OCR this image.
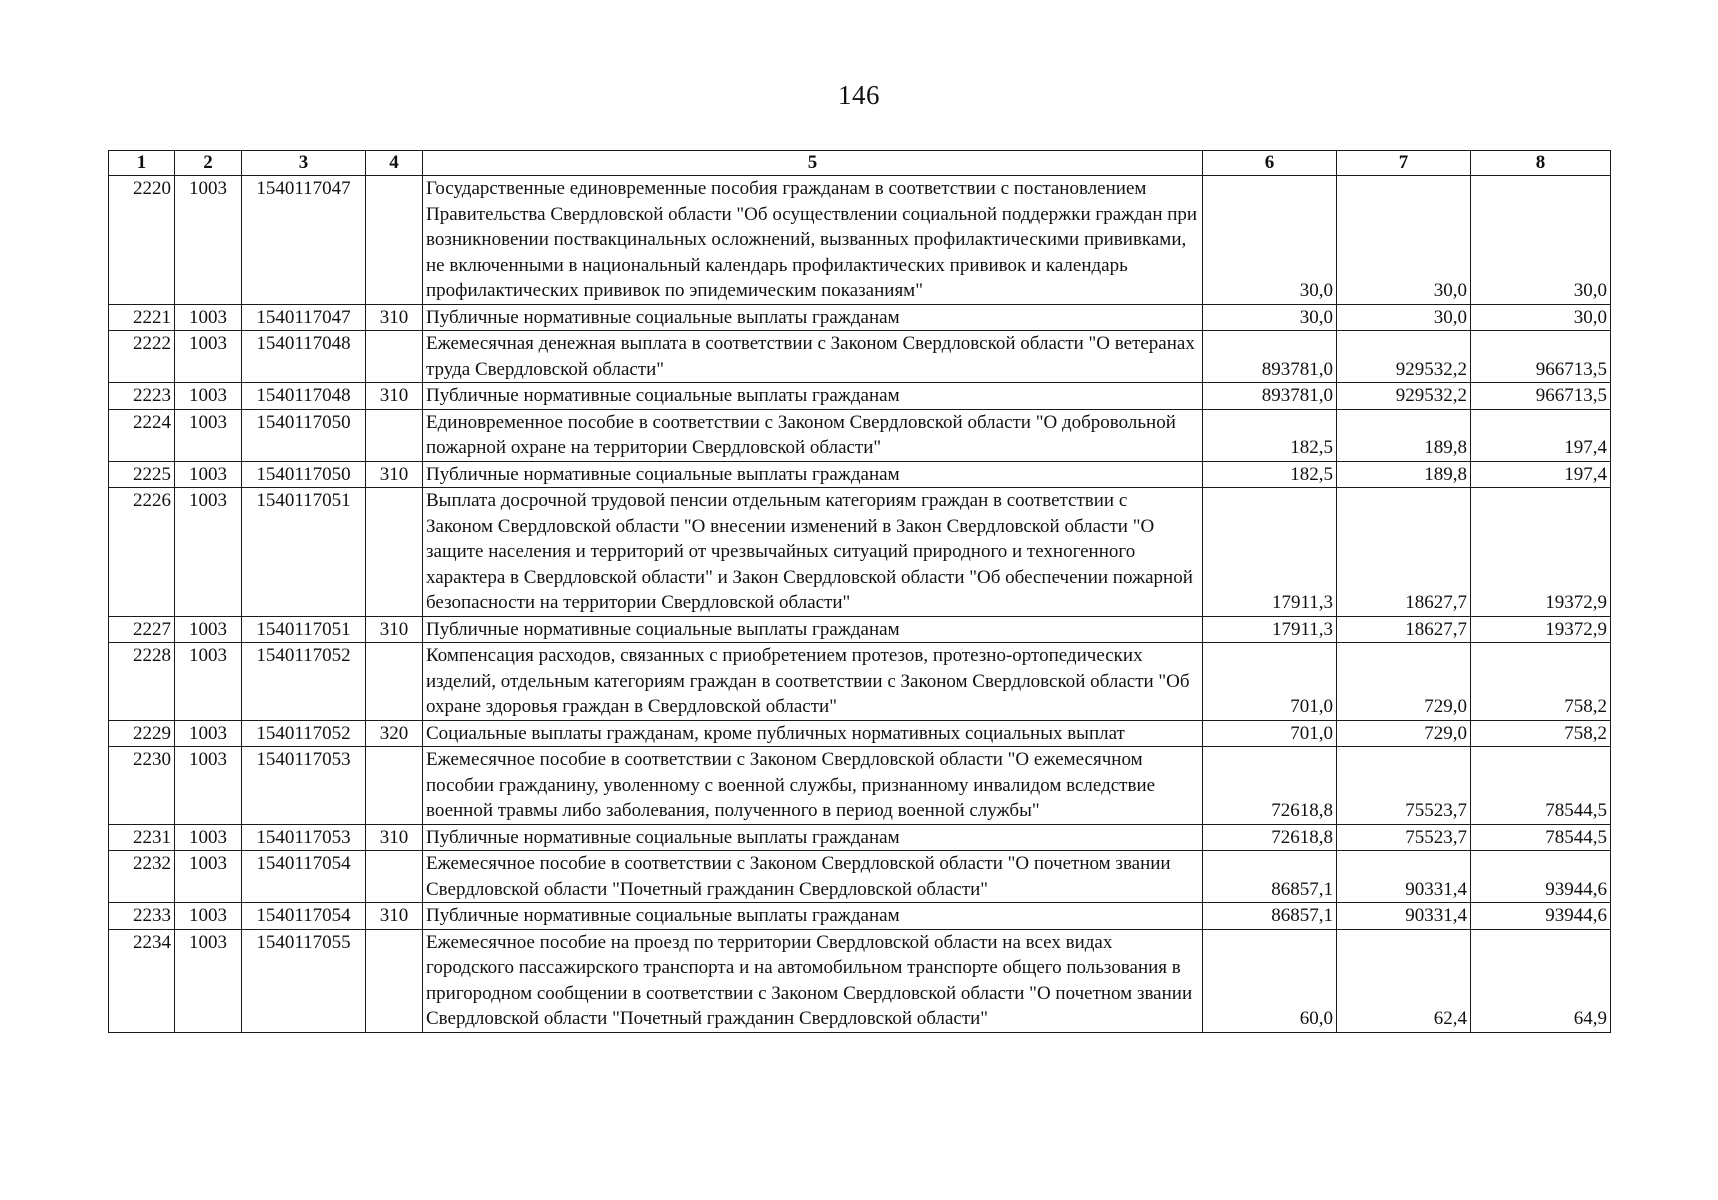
146
1	2	3	4	5	6	7	8
2220	1003	1540117047		Государственные единовременные пособия гражданам в соответствии с постановлением Правительства Свердловской области "Об осуществлении социальной поддержки граждан при возникновении поствакцинальных осложнений, вызванных профилактическими прививками, не включенными в национальный календарь профилактических прививок и календарь профилактических прививок по эпидемическим показаниям"	30,0	30,0	30,0
2221	1003	1540117047	310	Публичные нормативные социальные выплаты гражданам	30,0	30,0	30,0
2222	1003	1540117048		Ежемесячная денежная выплата в соответствии с Законом Свердловской области "О ветеранах труда Свердловской области"	893781,0	929532,2	966713,5
2223	1003	1540117048	310	Публичные нормативные социальные выплаты гражданам	893781,0	929532,2	966713,5
2224	1003	1540117050		Единовременное пособие в соответствии с Законом Свердловской области "О добровольной пожарной охране на территории Свердловской области"	182,5	189,8	197,4
2225	1003	1540117050	310	Публичные нормативные социальные выплаты гражданам	182,5	189,8	197,4
2226	1003	1540117051		Выплата досрочной трудовой пенсии отдельным категориям граждан в соответствии с Законом Свердловской области "О внесении изменений в Закон Свердловской области "О защите населения и территорий от чрезвычайных ситуаций природного и техногенного характера в Свердловской области" и Закон Свердловской области "Об обеспечении пожарной безопасности на территории Свердловской области"	17911,3	18627,7	19372,9
2227	1003	1540117051	310	Публичные нормативные социальные выплаты гражданам	17911,3	18627,7	19372,9
2228	1003	1540117052		Компенсация расходов, связанных с приобретением протезов, протезно-ортопедических изделий, отдельным категориям граждан в соответствии с Законом Свердловской области "Об охране здоровья граждан в Свердловской области"	701,0	729,0	758,2
2229	1003	1540117052	320	Социальные выплаты гражданам, кроме публичных нормативных социальных выплат	701,0	729,0	758,2
2230	1003	1540117053		Ежемесячное пособие в соответствии с Законом Свердловской области "О ежемесячном пособии гражданину, уволенному с военной службы, признанному инвалидом вследствие военной травмы либо заболевания, полученного в период военной службы"	72618,8	75523,7	78544,5
2231	1003	1540117053	310	Публичные нормативные социальные выплаты гражданам	72618,8	75523,7	78544,5
2232	1003	1540117054		Ежемесячное пособие в соответствии с Законом Свердловской области "О почетном звании Свердловской области "Почетный гражданин Свердловской области"	86857,1	90331,4	93944,6
2233	1003	1540117054	310	Публичные нормативные социальные выплаты гражданам	86857,1	90331,4	93944,6
2234	1003	1540117055		Ежемесячное пособие на проезд по территории Свердловской области на всех видах городского пассажирского транспорта и на автомобильном транспорте общего пользования в пригородном сообщении в соответствии с Законом Свердловской области "О почетном звании Свердловской области "Почетный гражданин Свердловской области"	60,0	62,4	64,9
